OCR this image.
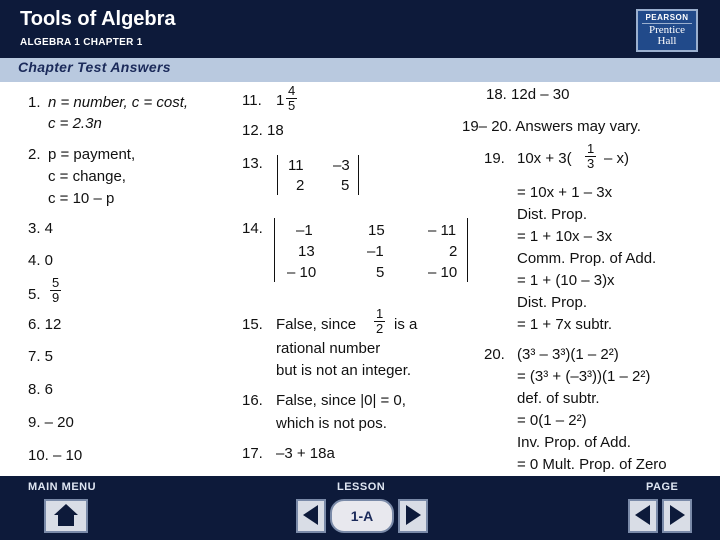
Tools of Algebra
ALGEBRA 1 CHAPTER 1
PEARSON
Prentice
Hall
Chapter Test Answers
1. n = number, c = cost,
c = 2.3n
2. p = payment,
c = change,
c = 10 – p
3. 4
4. 0
5. $\frac{5}{9}$
6. 12
7. 5
8. 6
9. – 20
10. – 10
11. $1 \frac{4}{5}$
12. 18
13. 11 –3
2 5
14. –1	15	– 11
13	–1	2
– 10	5	– 10
15. False, since $\frac{1}{2}$ is a
rational number
but is not an integer.
16. False, since |0| = 0,
which is not pos.
17. –3 + 18a
18. 12d – 30
19– 20. Answers may vary.
19. $10x + 3( \frac{1}{3} - x)$
= 10x + 1 – 3x
Dist. Prop.
= 1 + 10x – 3x
Comm. Prop. of Add.
= 1 + (10 – 3)x
Dist. Prop.
= 1 + 7x subtr.
20. (3³ – 3³)(1 – 2²)
= (3³ + (–3³))(1 – 2²)
def. of subtr.
= 0(1 – 2²)
Inv. Prop. of Add.
= 0 Mult. Prop. of Zero
MAIN MENU	LESSON	PAGE
1-A
